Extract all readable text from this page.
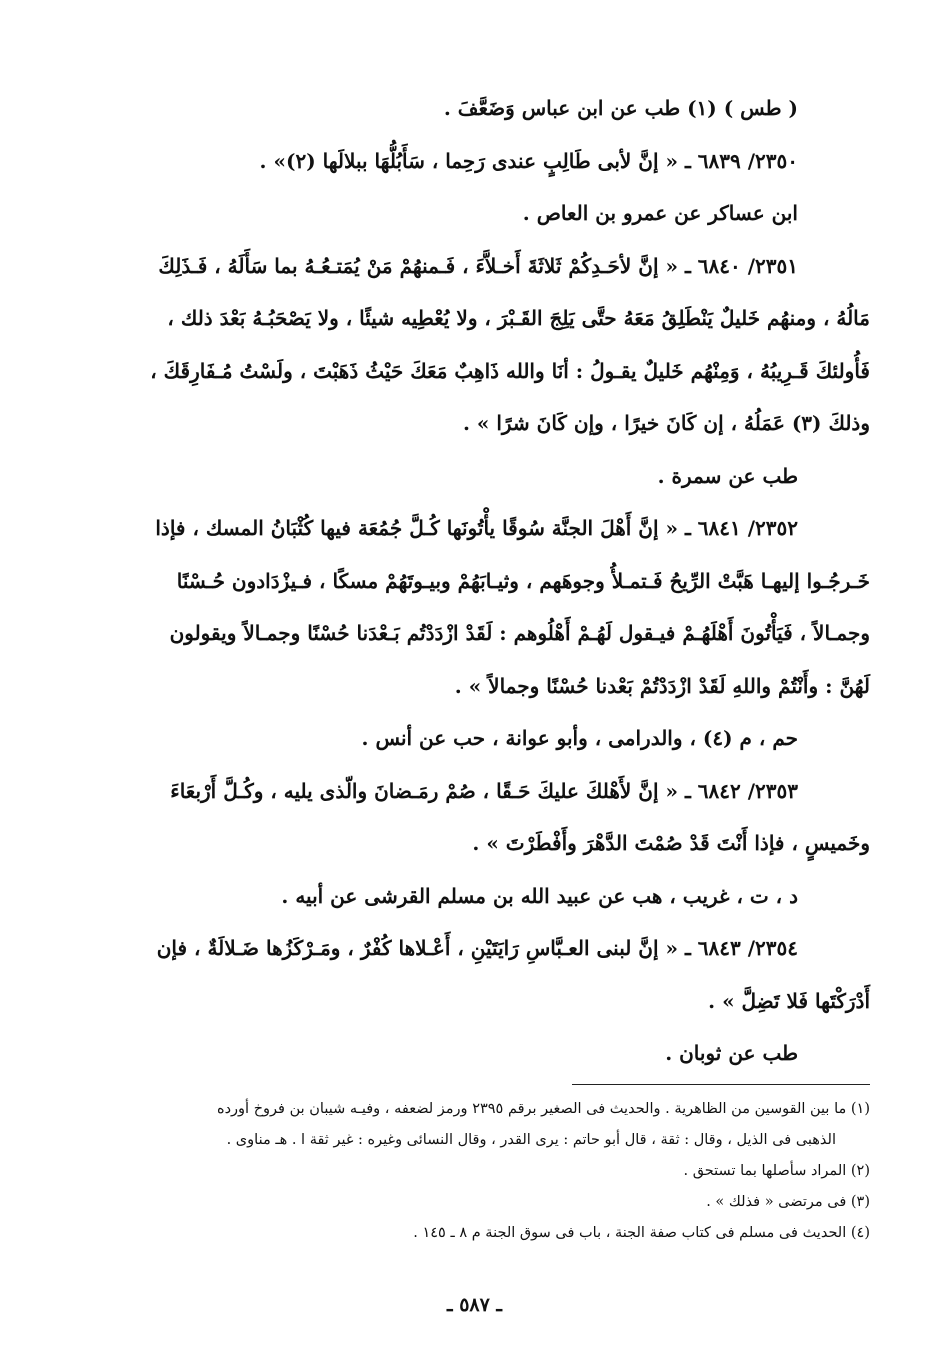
( طس ) (١) طب عن ابن عباس وَضَعَّفَ .

٢٣٥٠/ ٦٨٣٩ ـ « إنَّ لأبى طَالِبٍ عندى رَحِما ، سَأَبُلُّهَا ببلالَها (٢)» .

ابن عساكر عن عمرو بن العاص .

٢٣٥١/ ٦٨٤٠ ـ « إنَّ لأحَـدِكُمْ ثَلاثَةَ أَخـلاَّءَ ، فَـمنهُمْ مَنْ يُمَتـعُـهُ بما سَأَلَهُ ، فَـذَلِكَ

مَالُهُ ، ومنهُم خَليلٌ يَنْطَلِقُ مَعَهُ حتَّى يَلِجَ القَـبْرَ ، ولا يُعْطِيه شيئًا ، ولا يَصْحَبُـهُ بَعْدَ ذلك ،

فَأُولئكَ قَـرِيبُهُ ، وَمِنْهُم خَليلٌ يقـولُ : أنَا والله ذَاهِبٌ مَعَكَ حَيْثُ ذَهَبْتَ ، ولَسْتُ مُـفَارِقَكَ ،

وذلكَ (٣) عَمَلُهُ ، إن كَانَ خيرًا ، وإن كَانَ شرًا » .

طب عن سمرة .

٢٣٥٢/ ٦٨٤١ ـ « إنَّ أَهْلَ الجنَّة سُوقًا يأْتُونَها كُـلَّ جُمُعَة فيها كُثْبَانُ المسك ، فإذا

خَـرجُـوا إليهـا هَبَّتْ الرِّيحُ فَـتمـلأُ وجوهَهم ، وثيـابَهُمْ وبيـوتَهُمْ مسكًا ، فـيزْدَادون حُـسْنًا

وجمـالاً ، فَيَأْتُونَ أَهْلَهُـمْ فيـقول لَهُـمْ أَهْلُوهم : لَقَدْ ازْدَدْتُم بَـعْدَنا حُسْنًا وجمـالاً ويقولون

لَهُنَّ : وأَنْتُمْ واللهِ لَقَدْ ازْدَدْتُمْ بَعْدنا حُسْنًا وجمالاً » .

حم ، م (٤) ، والدرامى ، وأبو عوانة ، حب عن أنس .

٢٣٥٣/ ٦٨٤٢ ـ « إنَّ لأَهْلكَ عليكَ حَـقًا ، صُمْ رمَـضانَ والّذى يليه ، وكُـلَّ أَرْبعَاءَ

وخَميسٍ ، فإذا أَنْتَ قَدْ صُمْتَ الدَّهْرَ وأَفْطَرْتَ » .

د ، ت ، غريب ، هب عن عبيد الله بن مسلم القرشى عن أبيه .

٢٣٥٤/ ٦٨٤٣ ـ « إنَّ لبنى العـبَّاسِ رَايَتَيْنِ ، أَعْـلاها كُفْرٌ ، ومَـرْكَزُها ضَـلالَةٌ ، فإن

أَدْرَكْتَها فَلا تَضِلَّ » .

طب عن ثوبان .

(١) ما بين القوسين من الظاهرية . والحديث فى الصغير برقم ٢٣٩٥ ورمز لضعفه ، وفيـه شيبان بن فروخ أورده

الذهبى فى الذيل ، وقال : ثقة ، قال أبو حاتم : يرى القدر ، وقال النسائى وغيره : غير ثقة ا . هـ مناوى .

(٢) المراد سأصلها بما تستحق .

(٣) فى مرتضى « فذلك » .

(٤) الحديث فى مسلم فى كتاب صفة الجنة ، باب فى سوق الجنة م ٨ ـ ١٤٥ .

ـ ٥٨٧ ـ
